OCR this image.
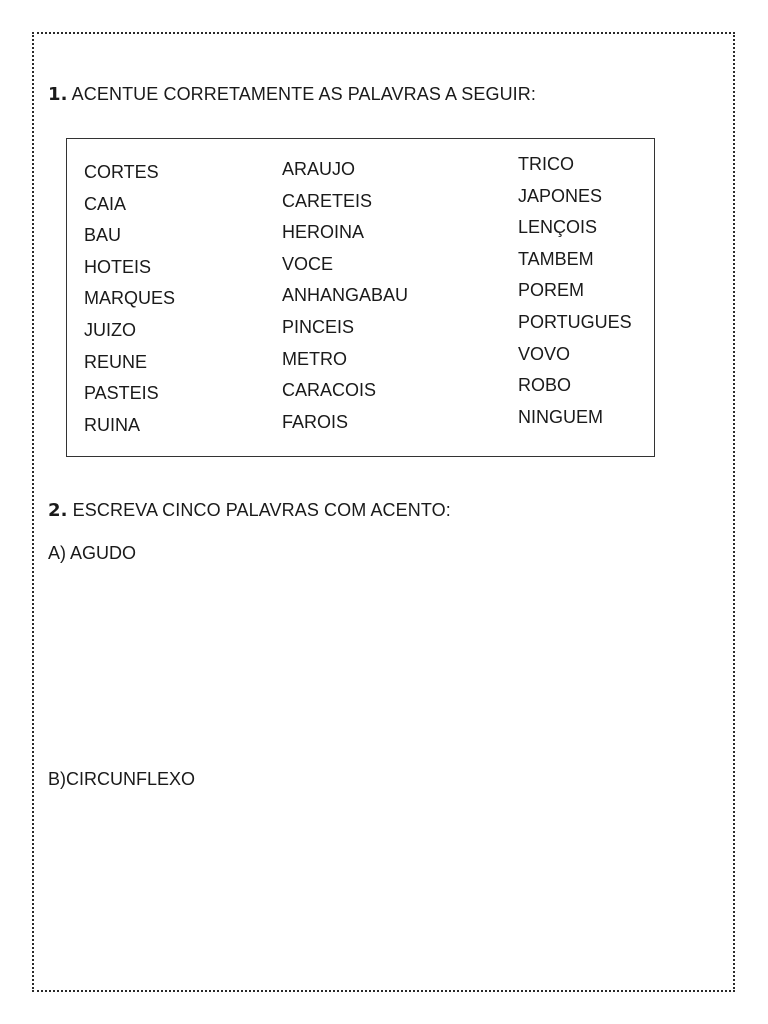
1. ACENTUE CORRETAMENTE AS PALAVRAS A SEGUIR:
CORTES
CAIA
BAU
HOTEIS
MARQUES
JUIZO
REUNE
PASTEIS
RUINA
ARAUJO
CARETEIS
HEROINA
VOCE
ANHANGABAU
PINCEIS
METRO
CARACOIS
FAROIS
TRICO
JAPONES
LENÇOIS
TAMBEM
POREM
PORTUGUES
VOVO
ROBO
NINGUEM
2. ESCREVA CINCO PALAVRAS COM ACENTO:
A) AGUDO
B)CIRCUNFLEXO
